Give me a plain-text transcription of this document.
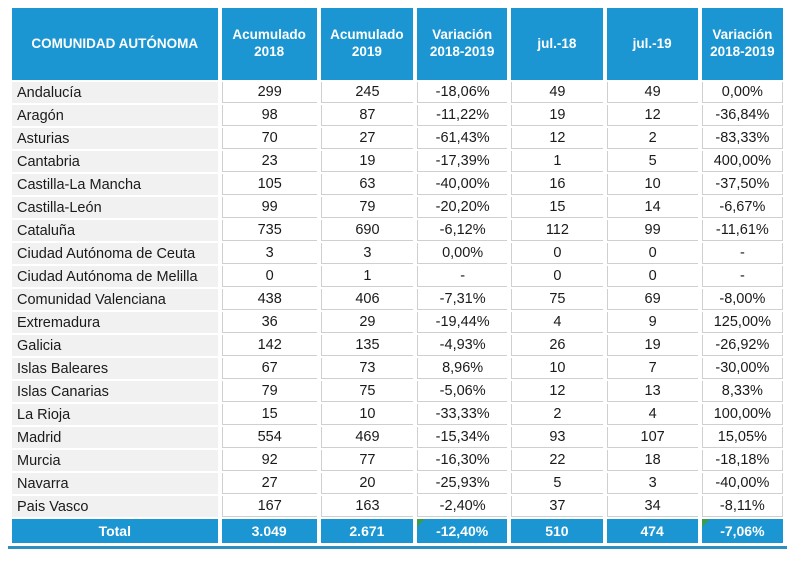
COMUNIDAD AUTÓNOMA	Acumulado 2018	Acumulado 2019	Variación 2018-2019	jul.-18	jul.-19	Variación 2018-2019
Andalucía	299	245	-18,06%	49	49	0,00%
Aragón	98	87	-11,22%	19	12	-36,84%
Asturias	70	27	-61,43%	12	2	-83,33%
Cantabria	23	19	-17,39%	1	5	400,00%
Castilla-La Mancha	105	63	-40,00%	16	10	-37,50%
Castilla-León	99	79	-20,20%	15	14	-6,67%
Cataluña	735	690	-6,12%	112	99	-11,61%
Ciudad Autónoma de Ceuta	3	3	0,00%	0	0	-
Ciudad Autónoma de Melilla	0	1	-	0	0	-
Comunidad Valenciana	438	406	-7,31%	75	69	-8,00%
Extremadura	36	29	-19,44%	4	9	125,00%
Galicia	142	135	-4,93%	26	19	-26,92%
Islas Baleares	67	73	8,96%	10	7	-30,00%
Islas Canarias	79	75	-5,06%	12	13	8,33%
La Rioja	15	10	-33,33%	2	4	100,00%
Madrid	554	469	-15,34%	93	107	15,05%
Murcia	92	77	-16,30%	22	18	-18,18%
Navarra	27	20	-25,93%	5	3	-40,00%
Pais Vasco	167	163	-2,40%	37	34	-8,11%
Total	3.049	2.671	-12,40%	510	474	-7,06%
